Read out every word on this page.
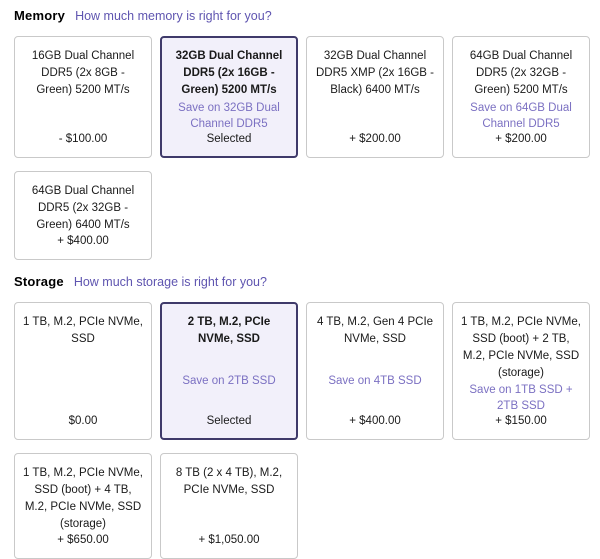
Memory How much memory is right for you?
16GB Dual Channel DDR5 (2x 8GB - Green) 5200 MT/s
- $100.00
32GB Dual Channel DDR5 (2x 16GB - Green) 5200 MT/s
Save on 32GB Dual Channel DDR5
Selected
32GB Dual Channel DDR5 XMP (2x 16GB - Black) 6400 MT/s
+ $200.00
64GB Dual Channel DDR5 (2x 32GB - Green) 5200 MT/s
Save on 64GB Dual Channel DDR5
+ $200.00
64GB Dual Channel DDR5 (2x 32GB - Green) 6400 MT/s
+ $400.00
Storage How much storage is right for you?
1 TB, M.2, PCIe NVMe, SSD
$0.00
2 TB, M.2, PCIe NVMe, SSD
Save on 2TB SSD
Selected
4 TB, M.2, Gen 4 PCIe NVMe, SSD
Save on 4TB SSD
+ $400.00
1 TB, M.2, PCIe NVMe, SSD (boot) + 2 TB, M.2, PCIe NVMe, SSD (storage)
Save on 1TB SSD + 2TB SSD
+ $150.00
1 TB, M.2, PCIe NVMe, SSD (boot) + 4 TB, M.2, PCIe NVMe, SSD (storage)
+ $650.00
8 TB (2 x 4 TB), M.2, PCIe NVMe, SSD
+ $1,050.00
